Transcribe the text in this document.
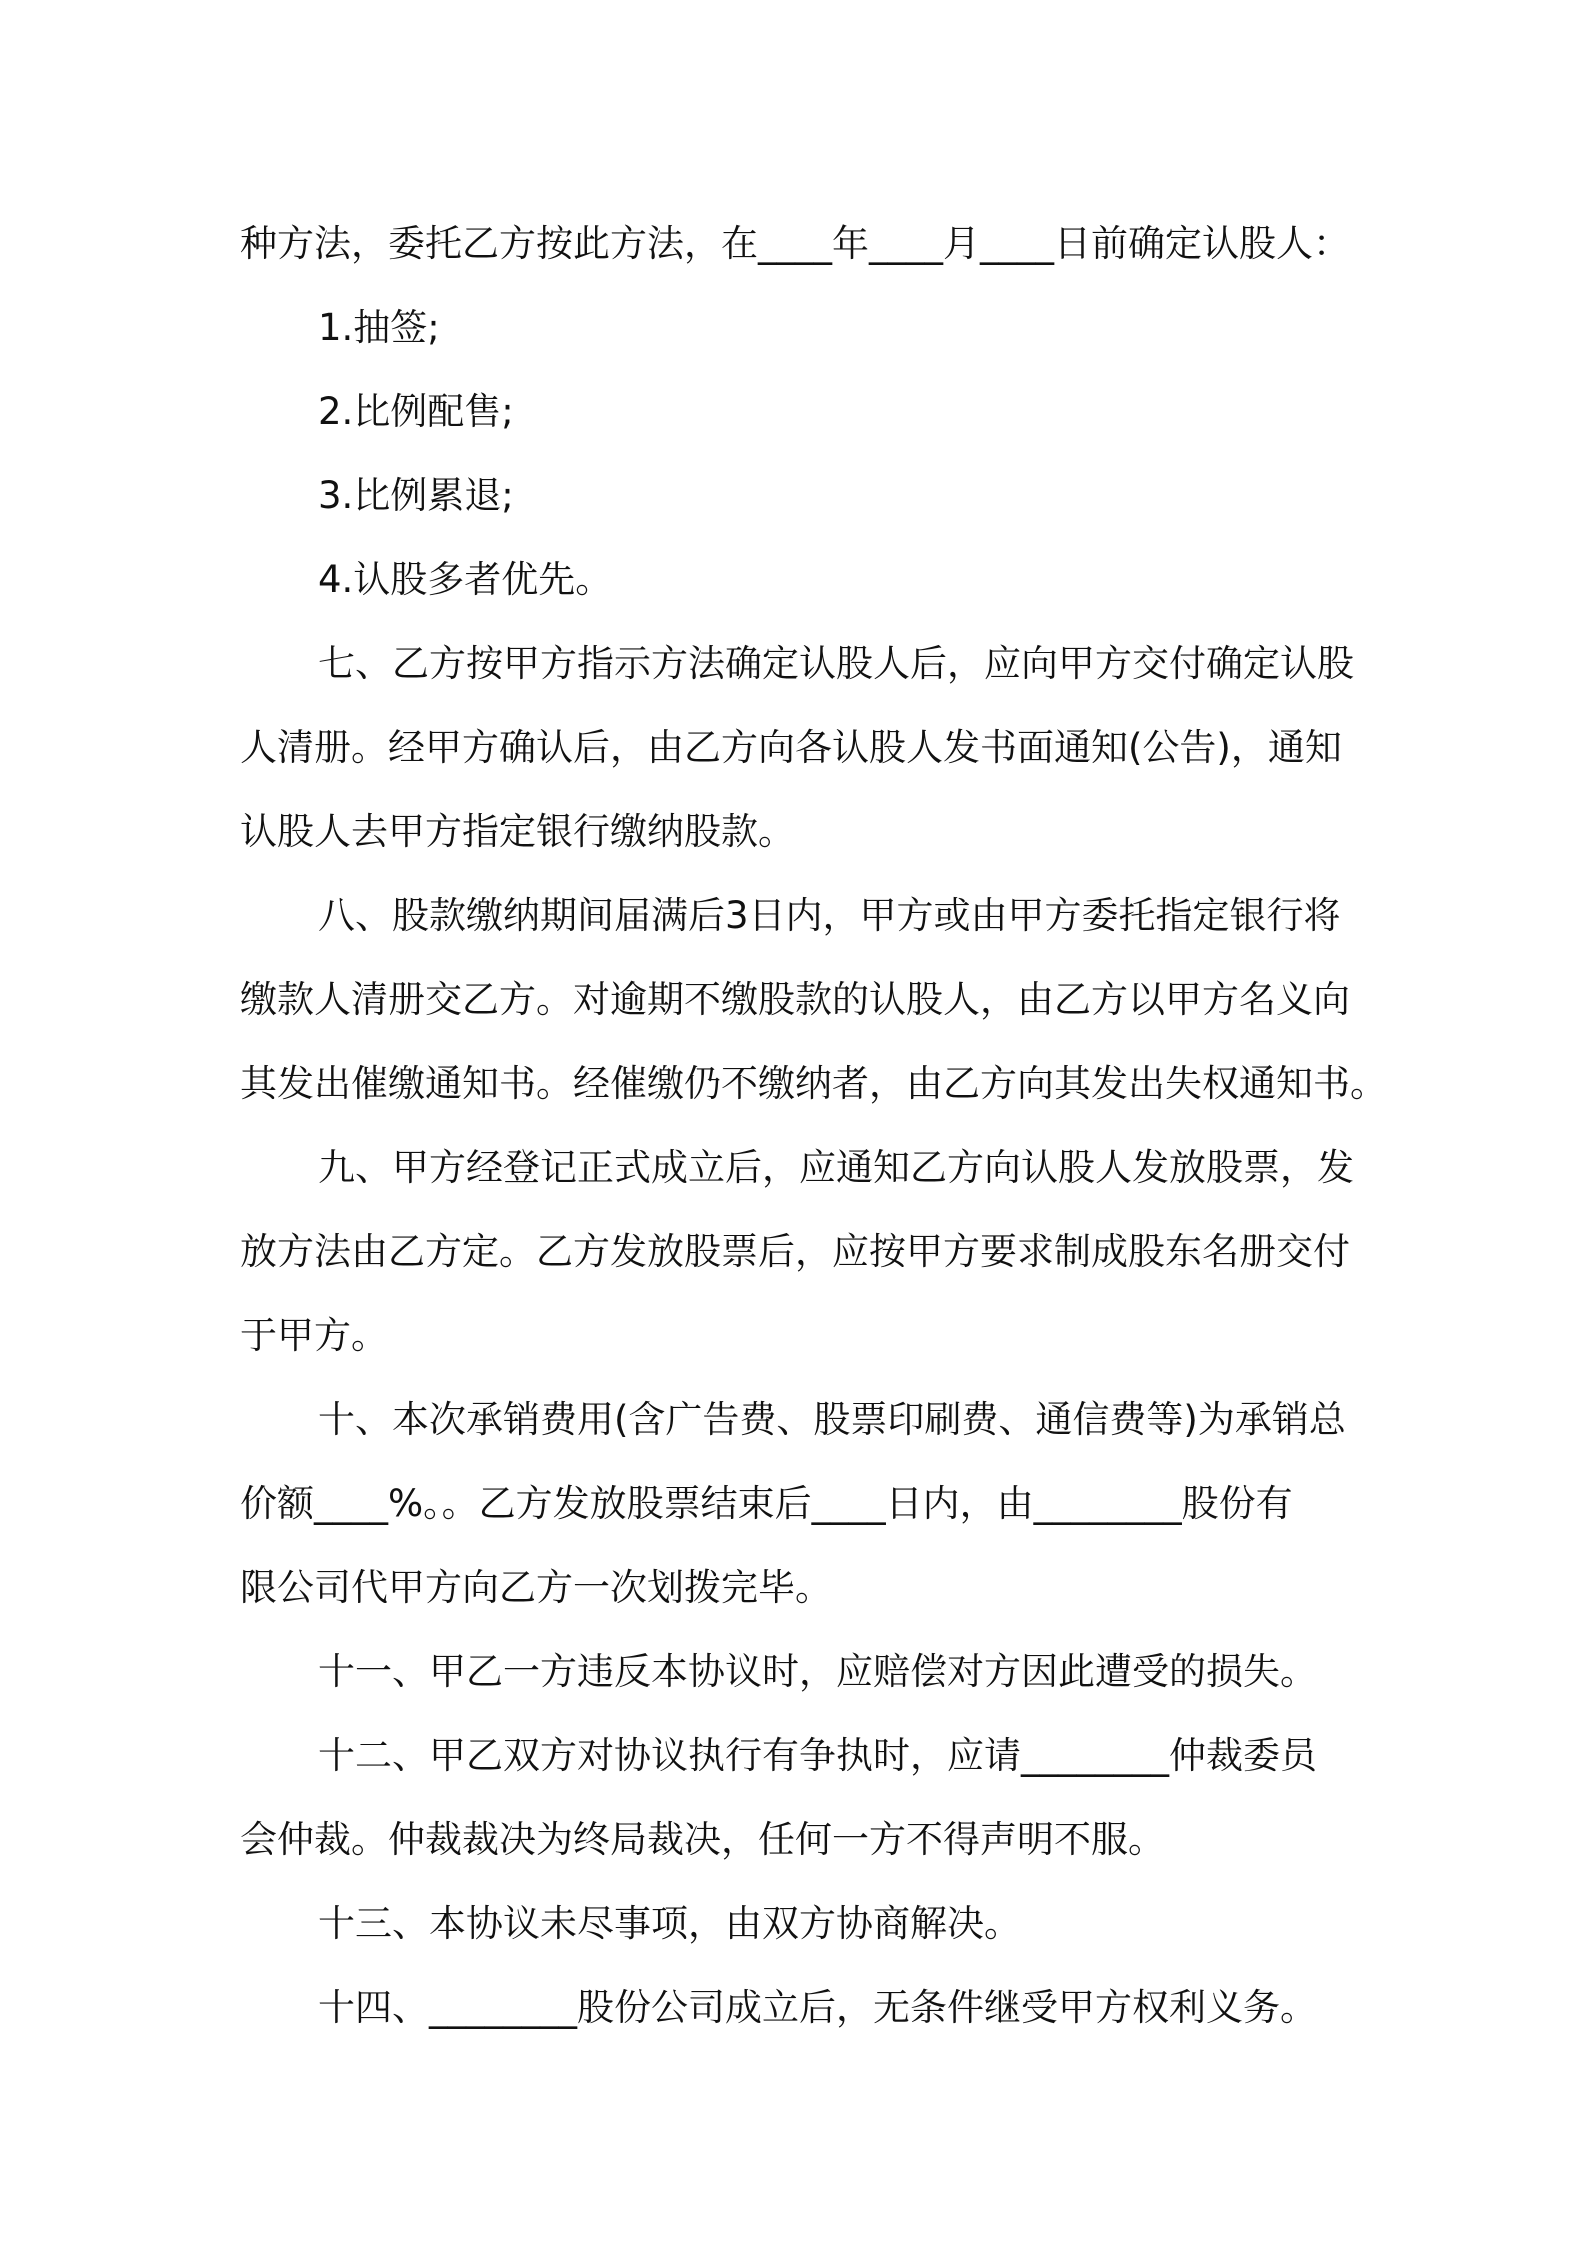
种方法，委托乙方按此方法，在____年____月____日前确定认股人：
1.抽签;
2.比例配售;
3.比例累退;
4.认股多者优先。
七、乙方按甲方指示方法确定认股人后，应向甲方交付确定认股
人清册。经甲方确认后，由乙方向各认股人发书面通知(公告)，通知
认股人去甲方指定银行缴纳股款。
八、股款缴纳期间届满后3日内，甲方或由甲方委托指定银行将
缴款人清册交乙方。对逾期不缴股款的认股人，由乙方以甲方名义向
其发出催缴通知书。经催缴仍不缴纳者，由乙方向其发出失权通知书。
九、甲方经登记正式成立后，应通知乙方向认股人发放股票，发
放方法由乙方定。乙方发放股票后，应按甲方要求制成股东名册交付
于甲方。
十、本次承销费用(含广告费、股票印刷费、通信费等)为承销总
价额____%。。乙方发放股票结束后____日内，由________股份有
限公司代甲方向乙方一次划拨完毕。
十一、甲乙一方违反本协议时，应赔偿对方因此遭受的损失。
十二、甲乙双方对协议执行有争执时，应请________仲裁委员
会仲裁。仲裁裁决为终局裁决，任何一方不得声明不服。
十三、本协议未尽事项，由双方协商解决。
十四、________股份公司成立后，无条件继受甲方权利义务。
